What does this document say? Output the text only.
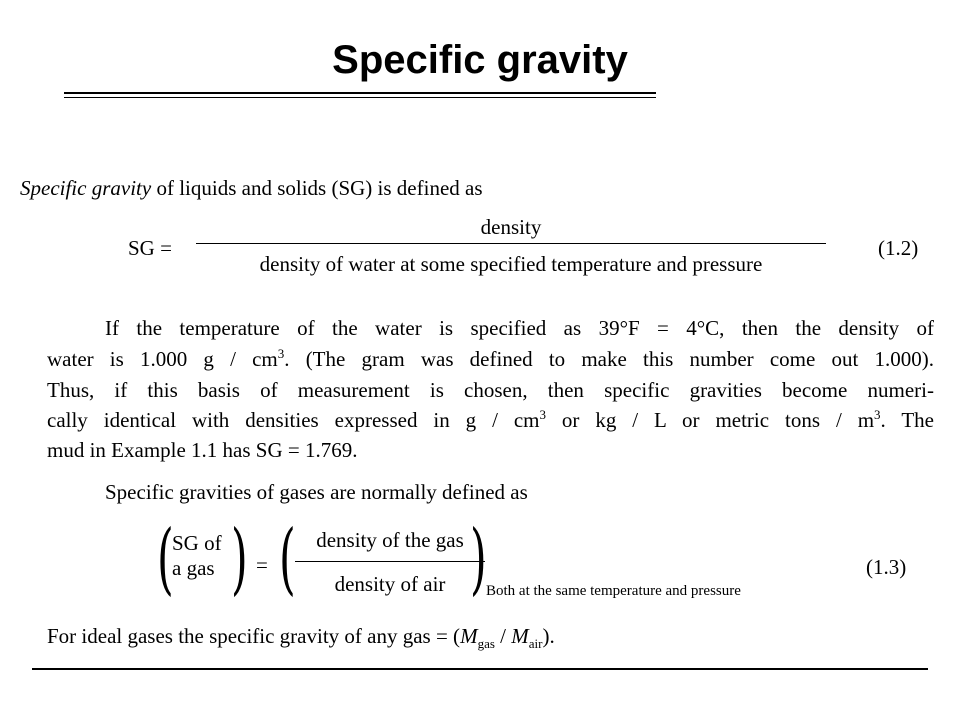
Specific gravity
Specific gravity of liquids and solids (SG) is defined as
SG =
density
density of water at some specified temperature and pressure
(1.2)
If the temperature of the water is specified as 39°F = 4°C, then the density of
water is 1.000 g / $cm^3$. (The gram was defined to make this number come out 1.000).
Thus, if this basis of measurement is chosen, then specific gravities become numeri-
cally identical with densities expressed in g / $cm^3$ or kg / L or metric tons / $m^3$. The
mud in Example 1.1 has SG = 1.769.
Specific gravities of gases are normally defined as
(
SG of
a gas ) = ( density of the gas
density of air ) Both at the same temperature and pressure
(1.3)
For ideal gases the specific gravity of any gas = $(M_{gas} / M_{air})$.
